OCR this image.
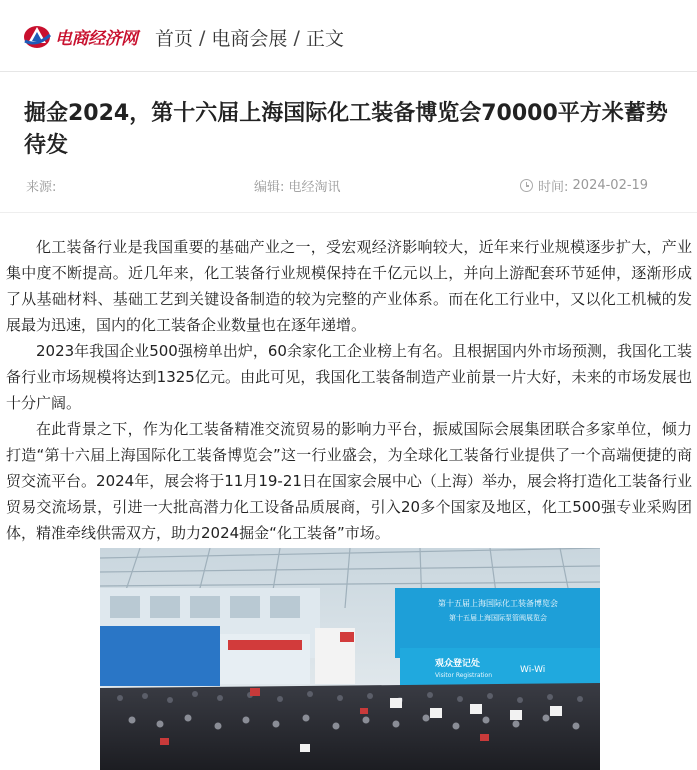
电商经济网 首页 / 电商会展 / 正文
掘金2024，第十六届上海国际化工装备博览会70000平方米蓄势待发
来源:	编辑: 电经淘讯	时间:
2024-02-19

化工装备行业是我国重要的基础产业之一，受宏观经济影响较大，近年来行业规模逐步扩大，产业集中度不断提高。近几年来，化工装备行业规模保持在千亿元以上，并向上游配套环节延伸，逐渐形成了从基础材料、基础工艺到关键设备制造的较为完整的产业体系。而在化工行业中，又以化工机械的发展最为迅速，国内的化工装备企业数量也在逐年递增。

2023年我国企业500强榜单出炉，60余家化工企业榜上有名。且根据国内外市场预测，我国化工装备行业市场规模将达到1325亿元。由此可见，我国化工装备制造产业前景一片大好，未来的市场发展也十分广阔。

在此背景之下，作为化工装备精准交流贸易的影响力平台，振威国际会展集团联合多家单位，倾力打造“第十六届上海国际化工装备博览会”这一行业盛会，为全球化工装备行业提供了一个高端便捷的商贸交流平台。2024年，展会将于11月19-21日在国家会展中心（上海）举办，展会将打造化工装备行业贸易交流场景，引进一大批高潜力化工设备品质展商，引入20多个国家及地区，化工500强专业采购团体，精准牵线供需双方，助力2024掘金“化工装备”市场。

第十五届上海国际化工装备博览会
第十五届上海国际泵管阀展览会
观众登记处
Visitor Registration
Wi-Wi
